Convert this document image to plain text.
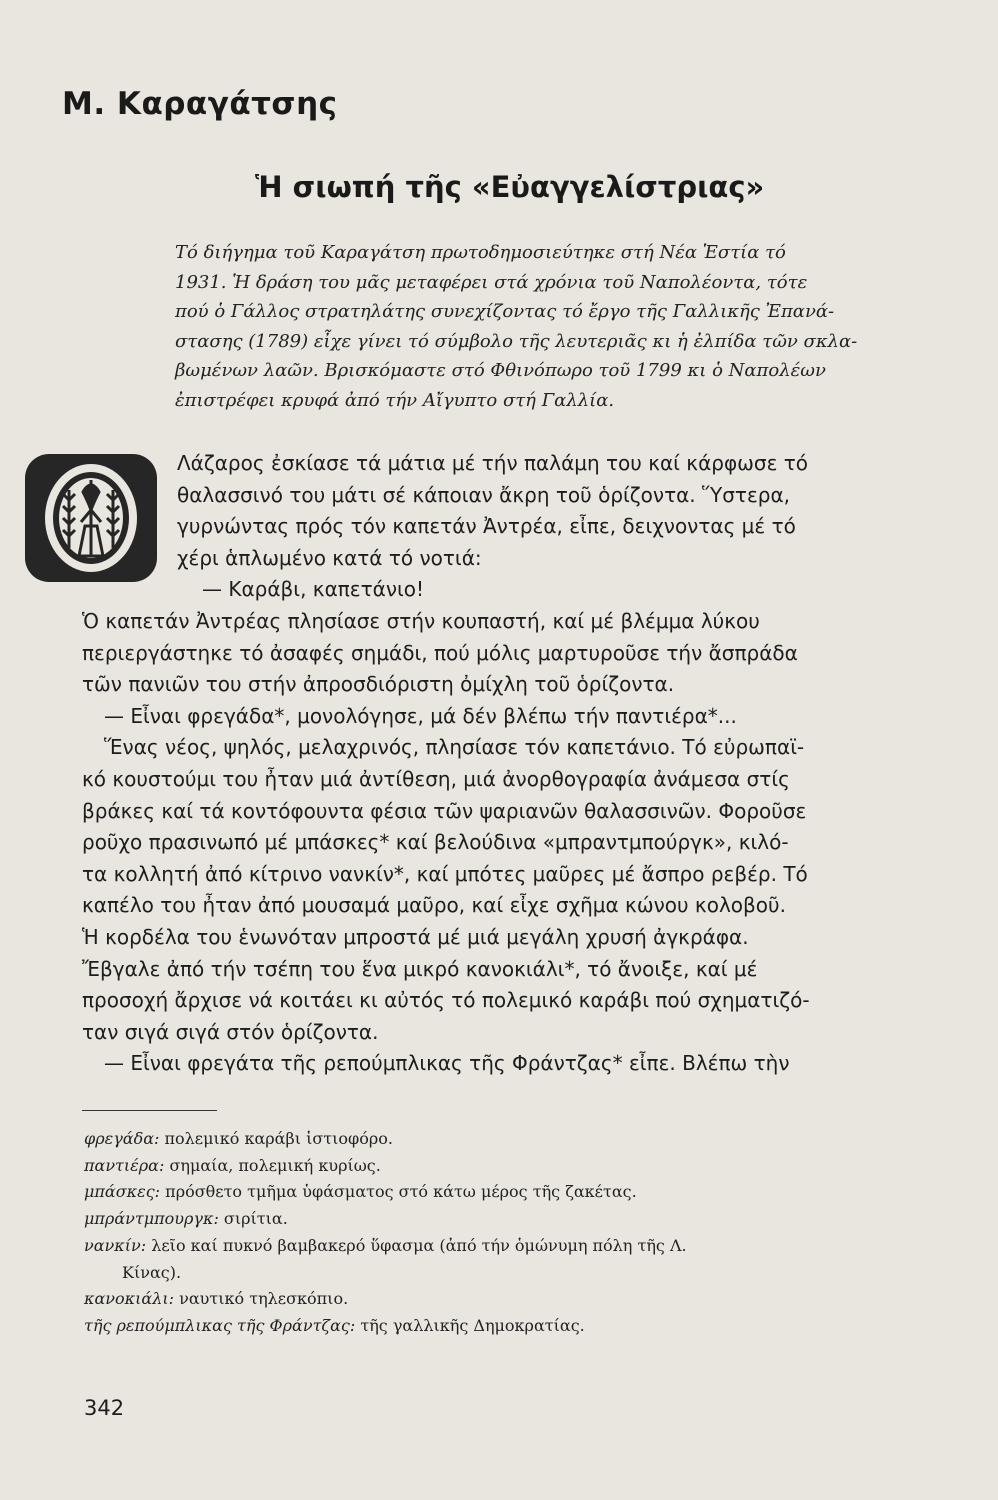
Μ. Καραγάτσης
Ἡ σιωπή τῆς «Εὐαγγελίστριας»
Τό διήγημα τοῦ Καραγάτση πρωτοδημοσιεύτηκε στή Νέα Ἑστία τό
1931. Ἡ δράση του μᾶς μεταφέρει στά χρόνια τοῦ Ναπολέοντα, τότε
πού ὁ Γάλλος στρατηλάτης συνεχίζοντας τό ἔργο τῆς Γαλλικῆς Ἐπανά-
στασης (1789) εἶχε γίνει τό σύμβολο τῆς λευτεριᾶς κι ἡ ἐλπίδα τῶν σκλα-
βωμένων λαῶν. Βρισκόμαστε στό Φθινόπωρο τοῦ 1799 κι ὁ Ναπολέων
ἐπιστρέφει κρυφά ἀπό τήν Αἴγυπτο στή Γαλλία.
Λάζαρος ἐσκίασε τά μάτια μέ τήν παλάμη του καί κάρφωσε τό
θαλασσινό του μάτι σέ κάποιαν ἄκρη τοῦ ὁρίζοντα. Ὕστερα,
γυρνώντας πρός τόν καπετάν Ἀντρέα, εἶπε, δειχνοντας μέ τό
χέρι ἁπλωμένο κατά τό νοτιά:
— Καράβι, καπετάνιο!
Ὁ καπετάν Ἀντρέας πλησίασε στήν κουπαστή, καί μέ βλέμμα λύκου
περιεργάστηκε τό ἀσαφές σημάδι, πού μόλις μαρτυροῦσε τήν ἄσπράδα
τῶν πανιῶν του στήν ἀπροσδιόριστη ὀμίχλη τοῦ ὁρίζοντα.
— Εἶναι φρεγάδα*, μονολόγησε, μά δέν βλέπω τήν παντιέρα*...
Ἕνας νέος, ψηλός, μελαχρινός, πλησίασε τόν καπετάνιο. Τό εὐρωπαϊ-
κό κουστούμι του ἦταν μιά ἀντίθεση, μιά ἀνορθογραφία ἀνάμεσα στίς
βράκες καί τά κοντόφουντα φέσια τῶν ψαριανῶν θαλασσινῶν. Φοροῦσε
ροῦχο πρασινωπό μέ μπάσκες* καί βελούδινα «μπραντμπούργκ», κιλό-
τα κολλητή ἀπό κίτρινο νανκίν*, καί μπότες μαῦρες μέ ἄσπρο ρεβέρ. Τό
καπέλο του ἦταν ἀπό μουσαμά μαῦρο, καί εἶχε σχῆμα κώνου κολοβοῦ.
Ἡ κορδέλα του ἑνωνόταν μπροστά μέ μιά μεγάλη χρυσή ἀγκράφα.
Ἔβγαλε ἀπό τήν τσέπη του ἕνα μικρό κανοκιάλι*, τό ἄνοιξε, καί μέ
προσοχή ἄρχισε νά κοιτάει κι αὐτός τό πολεμικό καράβι πού σχηματιζό-
ταν σιγά σιγά στόν ὁρίζοντα.
— Εἶναι φρεγάτα τῆς ρεπούμπλικας τῆς Φράντζας* εἶπε. Βλέπω τὴν
φρεγάδα: πολεμικό καράβι ἱστιοφόρο.
παντιέρα: σημαία, πολεμική κυρίως.
μπάσκες: πρόσθετο τμῆμα ὑφάσματος στό κάτω μέρος τῆς ζακέτας.
μπράντμπουργκ: σιρίτια.
νανκίν: λεῖο καί πυκνό βαμβακερό ὕφασμα (ἀπό τήν ὁμώνυμη πόλη τῆς Λ.
Κίνας).
κανοκιάλι: ναυτικό τηλεσκόπιο.
τῆς ρεπούμπλικας τῆς Φράντζας: τῆς γαλλικῆς Δημοκρατίας.
342
